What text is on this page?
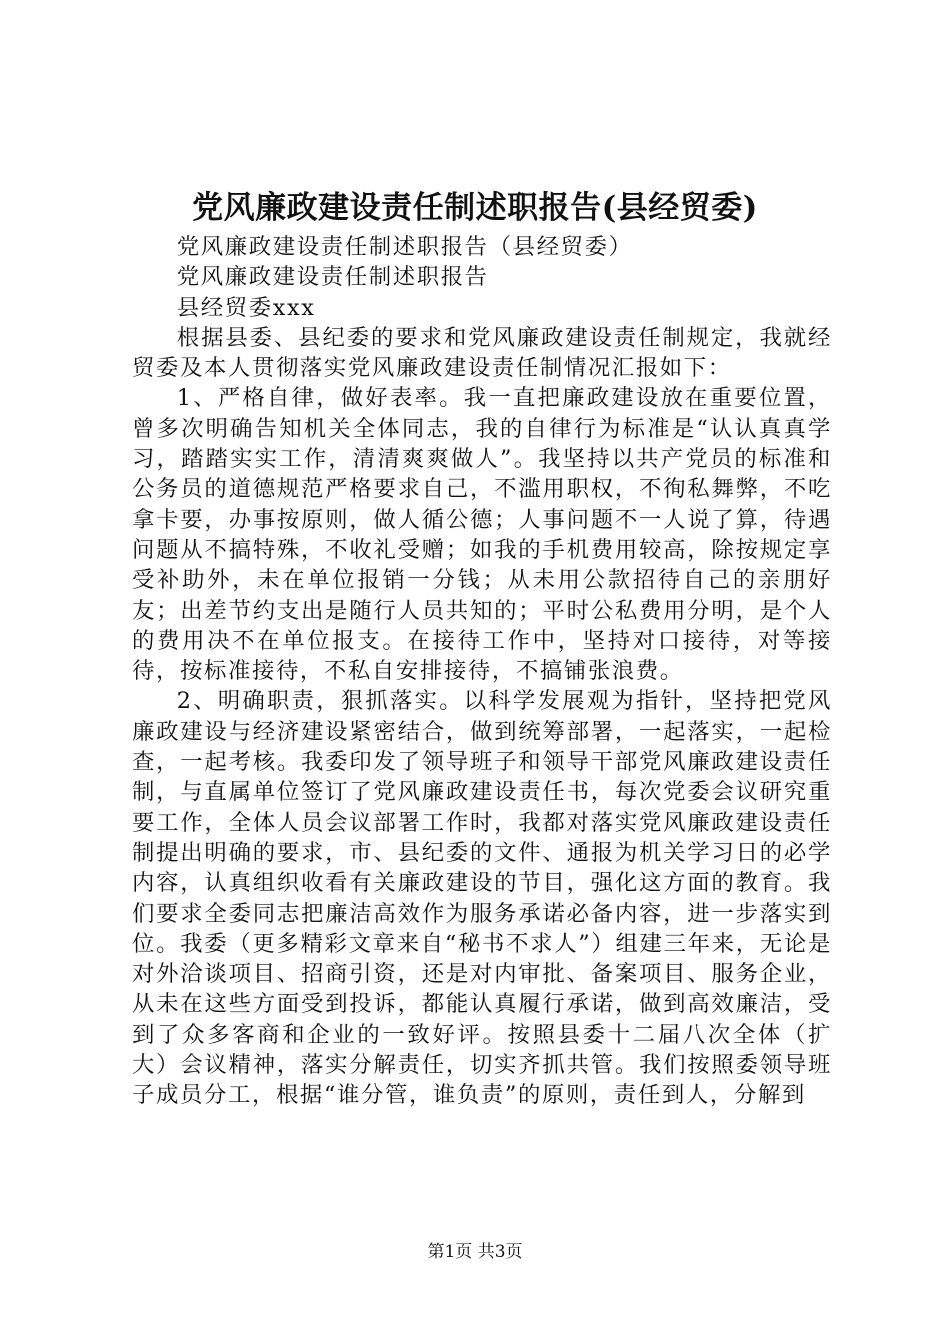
党风廉政建设责任制述职报告(县经贸委)

党风廉政建设责任制述职报告（县经贸委）

党风廉政建设责任制述职报告

县经贸委xxx

根据县委、县纪委的要求和党风廉政建设责任制规定，我就经贸委及本人贯彻落实党风廉政建设责任制情况汇报如下：

1、严格自律，做好表率。我一直把廉政建设放在重要位置，曾多次明确告知机关全体同志，我的自律行为标准是“认认真真学习，踏踏实实工作，清清爽爽做人”。我坚持以共产党员的标准和公务员的道德规范严格要求自己，不滥用职权，不徇私舞弊，不吃拿卡要，办事按原则，做人循公德；人事问题不一人说了算，待遇问题从不搞特殊，不收礼受赠；如我的手机费用较高，除按规定享受补助外，未在单位报销一分钱；从未用公款招待自己的亲朋好友；出差节约支出是随行人员共知的；平时公私费用分明，是个人的费用决不在单位报支。在接待工作中，坚持对口接待，对等接待，按标准接待，不私自安排接待，不搞铺张浪费。

2、明确职责，狠抓落实。以科学发展观为指针，坚持把党风廉政建设与经济建设紧密结合，做到统筹部署，一起落实，一起检查，一起考核。我委印发了领导班子和领导干部党风廉政建设责任制，与直属单位签订了党风廉政建设责任书，每次党委会议研究重要工作，全体人员会议部署工作时，我都对落实党风廉政建设责任制提出明确的要求，市、县纪委的文件、通报为机关学习日的必学内容，认真组织收看有关廉政建设的节目，强化这方面的教育。我们要求全委同志把廉洁高效作为服务承诺必备内容，进一步落实到位。我委（更多精彩文章来自“秘书不求人”）组建三年来，无论是对外洽谈项目、招商引资，还是对内审批、备案项目、服务企业，从未在这些方面受到投诉，都能认真履行承诺，做到高效廉洁，受到了众多客商和企业的一致好评。按照县委十二届八次全体（扩大）会议精神，落实分解责任，切实齐抓共管。我们按照委领导班子成员分工，根据“谁分管，谁负责”的原则，责任到人，分解到

第1页 共3页
